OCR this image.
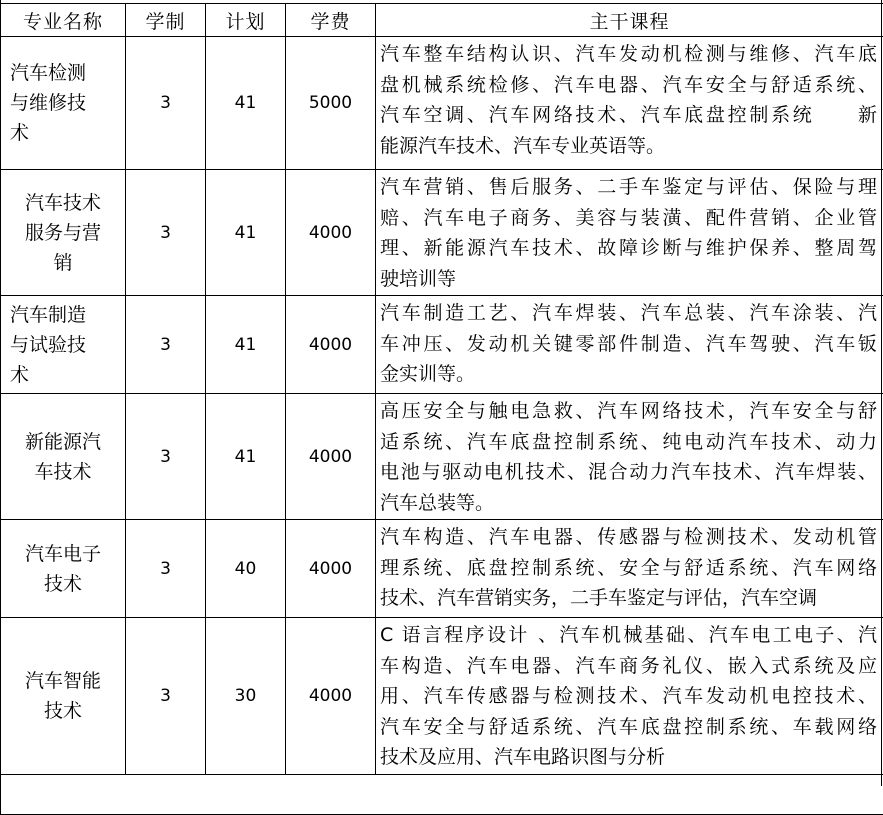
专业名称	学制	计划	学费	主干课程

汽车检测
与维修技
术	3	41	5000	汽车整车结构认识、汽车发动机检测与维修、汽车底
盘机械系统检修、汽车电器、汽车安全与舒适系统、
汽车空调、汽车网络技术、汽车底盘控制系统　　新
能源汽车技术、汽车专业英语等。

汽车技术
服务与营
销	3	41	4000	汽车营销、售后服务、二手车鉴定与评估、保险与理
赔、汽车电子商务、美容与装潢、配件营销、企业管
理、新能源汽车技术、故障诊断与维护保养、整周驾
驶培训等

汽车制造
与试验技
术	3	41	4000	汽车制造工艺、汽车焊装、汽车总装、汽车涂装、汽
车冲压、发动机关键零部件制造、汽车驾驶、汽车钣
金实训等。

新能源汽
车技术	3	41	4000	高压安全与触电急救、汽车网络技术，汽车安全与舒
适系统、汽车底盘控制系统、纯电动汽车技术、动力
电池与驱动电机技术、混合动力汽车技术、汽车焊装、
汽车总装等。

汽车电子
技术	3	40	4000	汽车构造、汽车电器、传感器与检测技术、发动机管
理系统、底盘控制系统、安全与舒适系统、汽车网络
技术、汽车营销实务，二手车鉴定与评估，汽车空调

汽车智能
技术	3	30	4000	C 语言程序设计 、汽车机械基础、汽车电工电子、汽
车构造、汽车电器、汽车商务礼仪、嵌入式系统及应
用、汽车传感器与检测技术、汽车发动机电控技术、
汽车安全与舒适系统、汽车底盘控制系统、车载网络
技术及应用、汽车电路识图与分析
